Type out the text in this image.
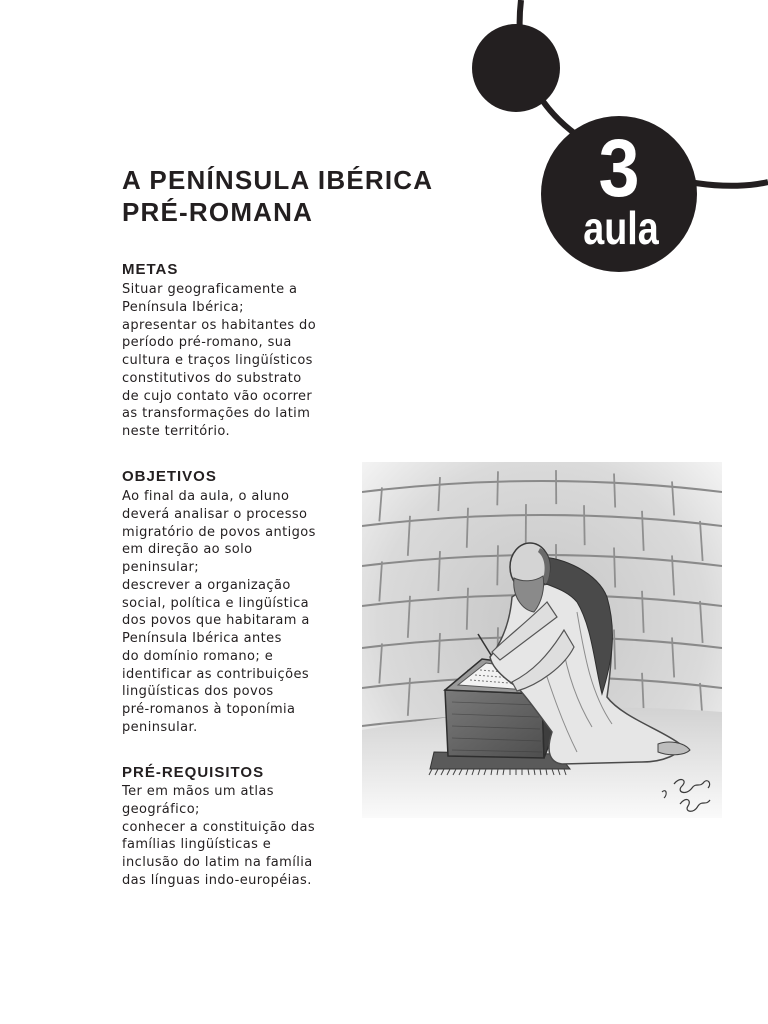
3
aula
A PENÍNSULA IBÉRICA
PRÉ-ROMANA
METAS
Situar geograficamente a
Península Ibérica;
apresentar os habitantes do
período pré-romano, sua
cultura e traços lingüísticos
constitutivos do substrato
de cujo contato vão ocorrer
as transformações do latim
neste território.
OBJETIVOS
Ao final da aula, o aluno
deverá analisar o processo
migratório de povos antigos
em direção ao solo
peninsular;
descrever a organização
social, política e lingüística
dos povos que habitaram a
Península Ibérica antes
do domínio romano; e
identificar as contribuições
lingüísticas dos povos
pré-romanos à toponímia
peninsular.
PRÉ-REQUISITOS
Ter em mãos um atlas
geográfico;
conhecer a constituição das
famílias lingüísticas e
inclusão do latim na família
das línguas indo-européias.
